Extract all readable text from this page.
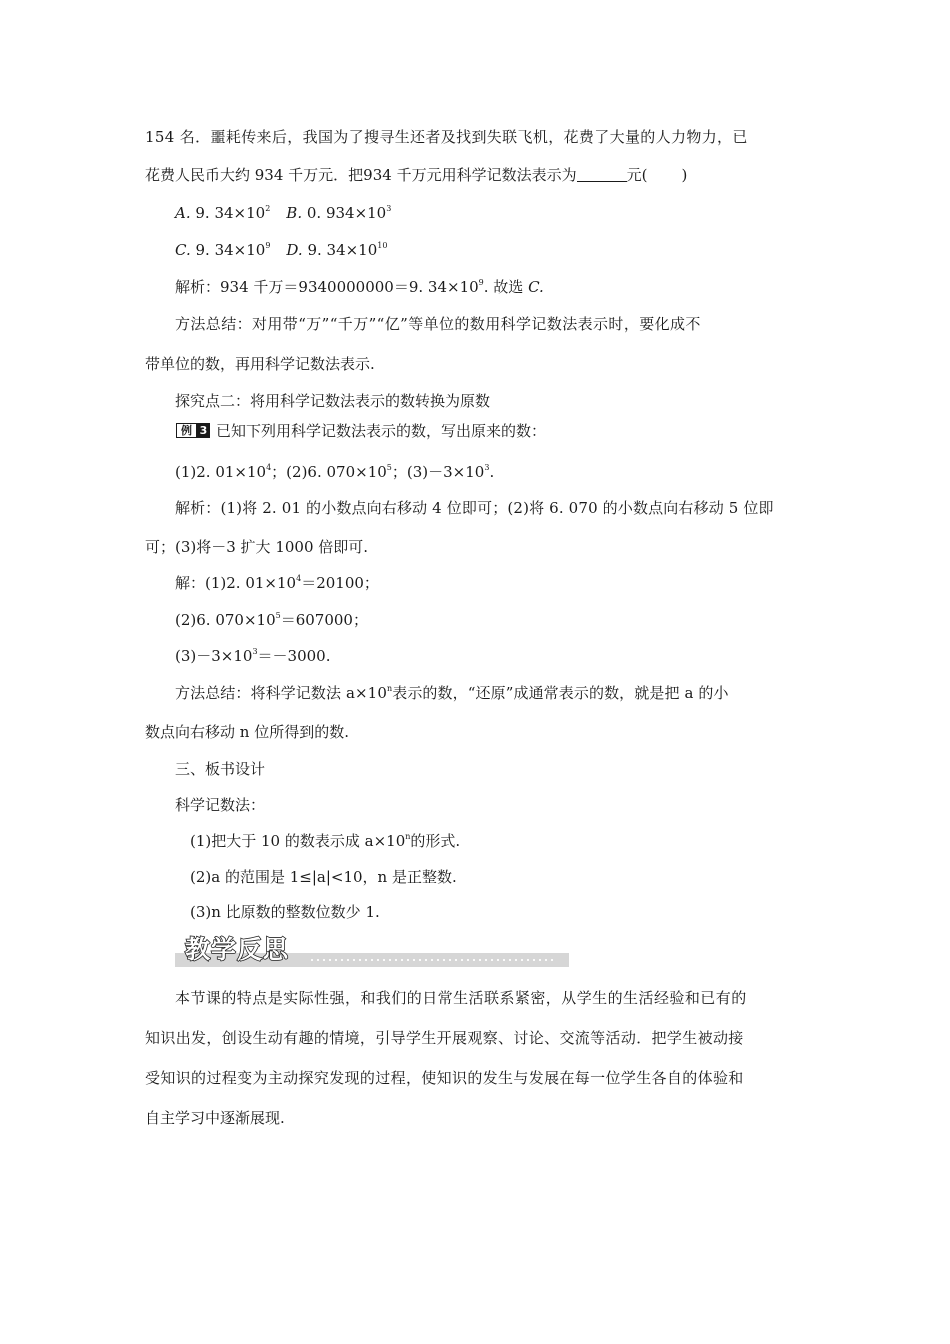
154 名．噩耗传来后，我国为了搜寻生还者及找到失联飞机，花费了大量的人力物力，已
花费人民币大约 934 千万元．把934 千万元用科学记数法表示为	元( )
A. 9. $34\times 10^2$ B. 0. $934\times 10^3$
C. 9. $34\times 10^9$ D. 9. $34\times 10^{10}$
解析：934 千万＝9340000000＝9. $34\times 10^9$. 故选 C.
方法总结：对用带“万”“千万”“亿”等单位的数用科学记数法表示时，要化成不
带单位的数，再用科学记数法表示.
探究点二：将用科学记数法表示的数转换为原数
例 3 已知下列用科学记数法表示的数，写出原来的数：
(1)2. $01\times 10^4$；(2)6. $070\times 10^5$；$(3)-3\times 10^3$.
解析：(1)将 2. 01 的小数点向右移动 4 位即可；(2)将 6. 070 的小数点向右移动 5 位即
可；(3)将－3 扩大 1000 倍即可.
解：(1)2. $01\times 10^4=20100$；
(2)6. $070\times 10^5=607000$；
$(3)-3\times 10^3=-3000$.
方法总结：将科学记数法 $a\times 10^n$表示的数，“还原”成通常表示的数，就是把 a 的小
数点向右移动 n 位所得到的数.
三、板书设计
科学记数法：
(1)把大于 10 的数表示成 $a\times 10^n$的形式.
(2)a 的范围是 1≤|a|<10，n 是正整数.
(3)n 比原数的整数位数少 1.
教学反思
本节课的特点是实际性强，和我们的日常生活联系紧密，从学生的生活经验和已有的
知识出发，创设生动有趣的情境，引导学生开展观察、讨论、交流等活动．把学生被动接
受知识的过程变为主动探究发现的过程，使知识的发生与发展在每一位学生各自的体验和
自主学习中逐渐展现.
